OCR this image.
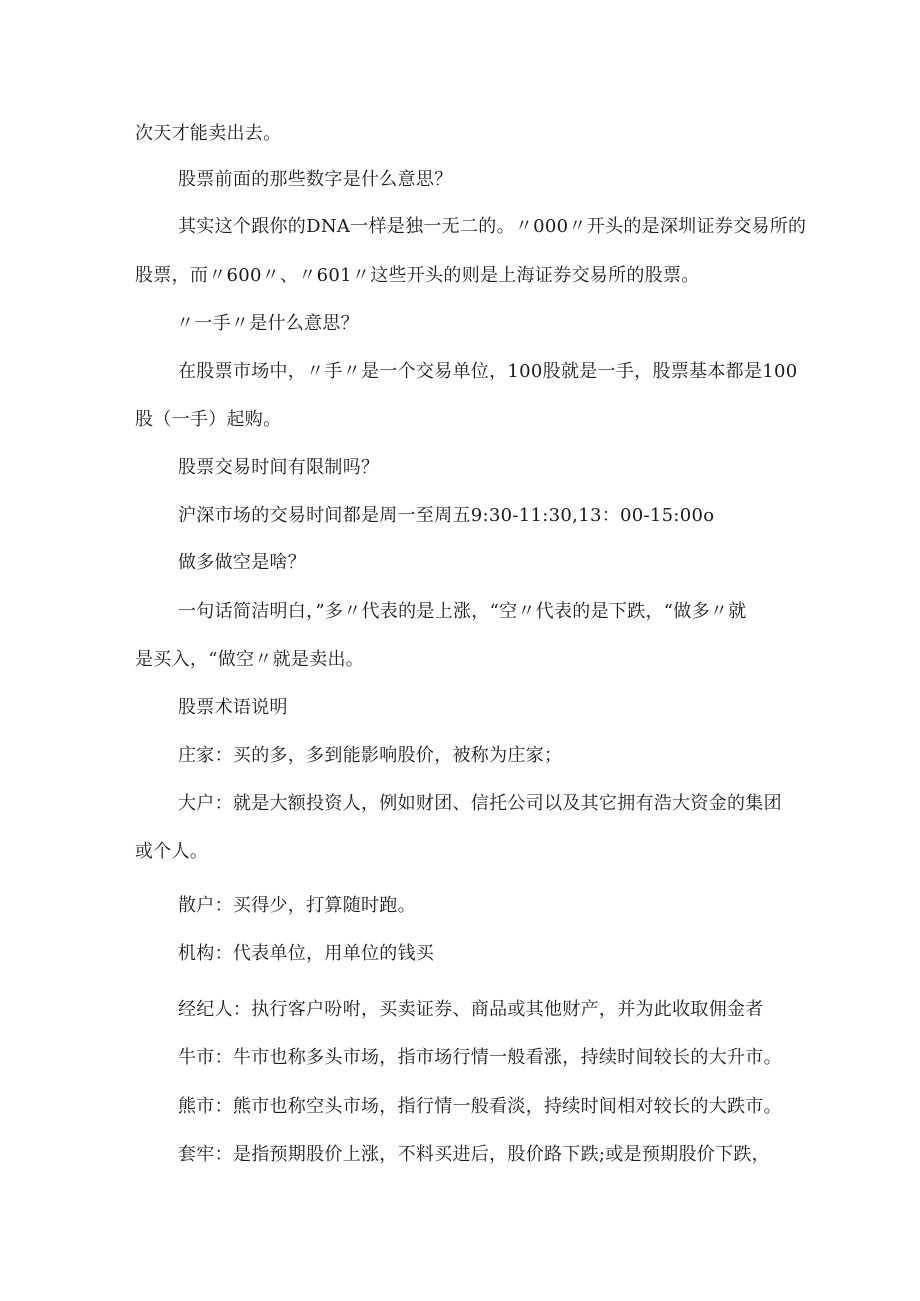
次天才能卖出去。
股票前面的那些数字是什么意思？
其实这个跟你的DNA一样是独一无二的。〃000〃开头的是深圳证券交易所的
股票，而〃600〃、〃601〃这些开头的则是上海证券交易所的股票。
〃一手〃是什么意思？
在股票市场中，〃手〃是一个交易单位，100股就是一手，股票基本都是100
股（一手）起购。
股票交易时间有限制吗？
沪深市场的交易时间都是周一至周五9:30-11:30,13：00-15:00o
做多做空是啥？
一句话简洁明白，”多〃代表的是上涨，“空〃代表的是下跌，“做多〃就
是买入，“做空〃就是卖出。
股票术语说明
庄家：买的多，多到能影响股价，被称为庄家；
大户：就是大额投资人，例如财团、信托公司以及其它拥有浩大资金的集团
或个人。
散户：买得少，打算随时跑。
机构：代表单位，用单位的钱买
经纪人：执行客户吩咐，买卖证券、商品或其他财产，并为此收取佣金者
牛市：牛市也称多头市场，指市场行情一般看涨，持续时间较长的大升市。
熊市：熊市也称空头市场，指行情一般看淡，持续时间相对较长的大跌市。
套牢：是指预期股价上涨，不料买进后，股价路下跌;或是预期股价下跌，
